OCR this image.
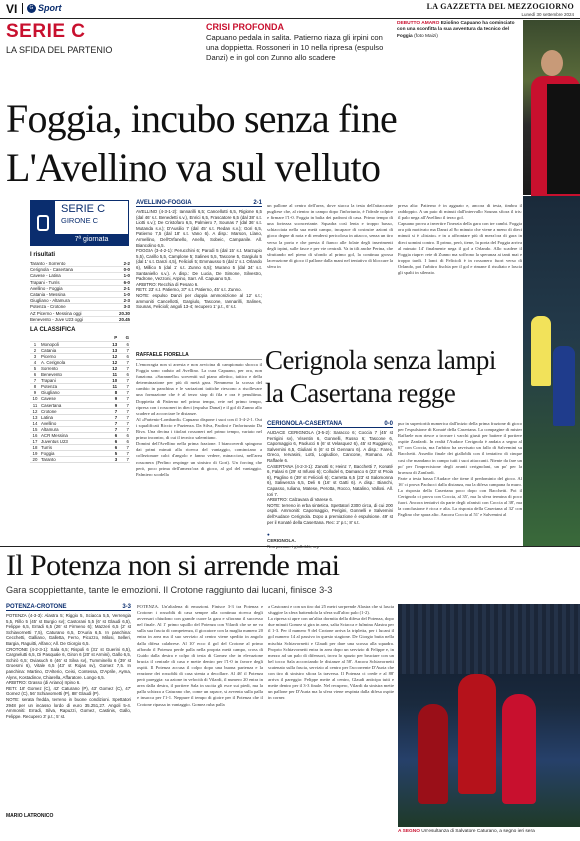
VI	G Sport	LA GAZZETTA DEL MEZZOGIORNO
Lunedì 30 settembre 2024
SERIE C
LA SFIDA DEL PARTENIO
CRISI PROFONDA
Capuano pedala in salita. Patierno riaza gli irpini con una doppietta. Rossoneri in 10 nella ripresa (espulso Danzi) e in gol con Zunno allo scadere
DEBUTTO AMARO Eziolino Capuano ha cominciato con una sconfitta la sua avventura da tecnico del Foggia (foto Maizi)
Foggia, incubo senza fine
L'Avellino va sul velluto
SERIE C
GIRONE C
7ª giornata
I risultati
Taranto - Sorrento	2-2
Cerignola - Casertana	0-0
Cavese - Latina	1-0
Trapani - Turris	6-0
Avellino - Foggia	2-1
Catania - Messina	1-0
Giugliano - Altamura	2-3
Potenza - Crotone	3-3
AZ Picerno - Messina oggi	20.30
Benevento - Juve U23 oggi	20.45
LA CLASSIFICA
		P	G
1	Monopoli	13	6
2	Catania	13	7
3	Picerno	12	6
4	A. Cerignola	12	7
5	Sorrento	12	7
6	Benevento	11	6
7	Trapani	10	7
8	Potenza	11	7
9	Giugliano	8	7
10	Cavese	9	7
11	Casertana	9	7
12	Crotone	7	7
13	Latina	7	7
14	Avellino	7	7
15	Altamura	7	7
16	ACR Messina	6	6
17	Juventus U23	6	6
18	Turris	6	7
19	Foggia	5	7
20	Taranto	3	7
AVELLINO-FOGGIA	2-1
AVELLINO (4-3-1-2): Iannarilli 6,5; Cancellotti 6,5, Rigione 6,5 (dal 46' s.t. Benedetti s.v.), Enrici 6,5, Frascatore 6,5 (dal 38' s.t. Liotti s.v.); De Cristofaro 6,5, Palmiero 7, Sounas 7 (dal 36' s.t. Mutanda s.v.); D'Ausilio 7 (dal 45' s.t. Redan s.v.); Gori 6,5, Patierno 7,5 (dal 18' s.t. Vano 6). A disp.: Marson, Llano, Armellino, Dell'Orfanello, Anello, Sobeic, Campanile. All. Biancolino 6,5.
FOGGIA (3-4-2-1): Perucchini 6; Parodi 5 (dal 15' s.t. Marzupio 5,5), Carillo 5,5, Camplone 5; Salines 5,5, Tascone 5, Gargiulo 5 (dal 1' s.t. Danzi 4,5), Felicioli 5; Emmausso 5 (dal 1' s.t. Orlando 6), Millico 5 (dal 1' s.t. Zunno 6,5); Murano 5 (dal 34' s.t. Santaniello s.v.). A disp.: De Lucia, De Simone, Silvestro, Padrone, Vezzoni, Arpino, Sarr. All. Capuano 5,5.
ARBITRO: Recchia di Pesaro 6.
RETI: 23' s.t. Patierno, 37' s.t. Patierno, 45' s.t. Zunno.
NOTE: espulso Danzi per doppia ammonizione al 12' s.t.; ammoniti Cancellotti, Gargiulo, Tascone, Iannarilli, Salines, Sounas, Felicioli; angoli 13-4; recupero 1' p.t., 6' s.t.
RAFFAELE FIORELLA
L'emorragia non si arresta e non avvicina di campionato sbocca il Foggia sono caduto ad Avellino. La cura Capuano, per ora, non funziona. «Sarannello» sorveniti sul piano atletico, tattico e della determinazione per più di metà gara. Nemmeno la scossa del cambio in panchina e le variazioni tattiche riescono a risollevare una formazione che è al terzo stop di fila e ora è penultima. Doppietta di Patierno nel primo tempo, rete nel primo tempo, ripresa con i rossoneri in dieci (espulso Danzi) e il gol di Zunno allo scadere ad accorciare le distanze.
Al «Partenio-Lombardi» Capuano dispone i suoi con il 3-4-2-1. Out i squalificati Riccio e Pazienza. Da Silva, Paolini e l'infortunato Da Riva. Una decina i titolari rossoneri nel primo tempo, variato nel primo incontro, di cui il tecnico salernitano.
Domini dell'Avellino nella prima frazione. I biancoverdi spingono dai primi minuti alla ricerca del vantaggio, cominciano a collezionare calci d'angolo e fanno vedere, minacciosi, nell'area rossonera (Perlino respinge un sinistro di Gori). Un forcing che però, poco prima dell'amezz'ora di gioco, al gol del vantaggio. Palmiero scodella
un pallone al centro dell'area, dove stacca la testa dell'attaccante pugliese che, al rientro in campo dopo l'infortunio, è l'ideale colpire e firmare l'1-0. Foggia in balia dei padroni di casa. Primo tempo di una fortezza sconcertante. Squadra così lenta e troppo basso, schiacciata nella sua metà campo, incapace di costruire azioni di gioco degne di nota e di rendersi pericolosa in attacco, senza un tiro verso la porta e che presta il fianco alle folate degli inserimenti degli irpini, sulle fasce e per vie centrali. Va in tilt anche Perina, che sfruttando nel pieno di sfondo al primo gol, la continua grossa lacerazione di gioco il pallone dalla mani nel tentativo di bloccare la sfera in
presa alta: Patierno è in agguato e, ancora di testa, timbra il raddoppio. A un paio di minuti dall'intervallo Sounas sfiora il tris: il palo nega all'Avellino il terzo gol.
Capuano prova a invertire l'inerzia della gara con tre cambi. Foggia ora più motivato ma Danzi al 8o minuto che viene a meno di dieci minuti si è «listato» e in a affrontare più di mezz'ora di gara in dieci uomini contro. Il primo, però, tiene, la porta del Foggia arriva al minuto 14' finalmente nega il gol a Orlando. Allo scadere il Foggia riapre: rete di Zunno ma soffrono la speranza ai tanti mai e troppo tardi. I lanci di Felicioli è in rossonero fuori verso di Orlando, poi l'arbitro fischia per il gol e rimane il risultato e lascia gli spalti in silenzio.
Cerignola senza lampi
la Casertana regge
CERIGNOLA-CASERTANA	0-0
AUDACE CERIGNOLA (3-5-2): Saracco 6; Coccia 7 (45' st Ferrigini sv), Visentin 6, Gonnelli, Russo 6; Tascone 6, Capomaggio 6, Paolucci 6 (6' st Velasquez 6), 45' st Ruggiero), Salvemini 6,5, Giuliani 6 (6' st Di Gennaro 6). A disp.: Fares, Greco, Iervasini, Lotti, Logiudice, Cancone, Romano. All. Raffaele 6.
CASERTANA (4-2-3-1): Zanotti 6; Heinz 7, Bacchetti 7, Konaté 6, Falasi 6 (29' st Infussi 6); Collodel 6, Damasco 6 (23' st Proia 6), Paglino 6 (39' st Felicioli 6); Carretta 6,5 (23' st Salomonna 6), Saliwenza 6,5, Deli 6 (16' st Gatti 6). A disp.: Bianchi, Capasso, Iuliano, Matese, Perotta, Rocco, Natalino, Vallosi. All. Iori 7.
ARBITRO: Calzavara di Varese 6.
NOTE: terreno in erba sintetica. Spettatori 2300 circa, di cui 200 ospiti. Ammoniti: Capomaggio, Perigini, Gonnelli e Salvemini dell'Audace Cerignola. Dopo a premiazione è espulsione. 49' st per il Konaté della Casertana. Rec: 2' p.t.; 8' s.t.

●
CERIGNOLA.

pur in superiorità numerica dall'inizio della prima frazione di gioco per l'espulsione di Konaté della Casertana. La compagine di mister Raffaele non riesce a trovare i varchi giusti per battere il portiere ospite Zanfardi. In realtà l'Audace Cerignola è andata a segno al 67' con Coccia, ma l'arbitro ha ravvisato un fallo di Salvemini su Bacchetti. Assedio finale dei gialloblù con il tentativo di cinque casi che mandano in campo tutti i suoi attaccanti. Niente da fare un po' per l'imprecisione degli avanti cerignolani, un po' per la bravura di Zanfardi.
Parte a testa bassa l'Audace che tiene il predominio del gioco. Al 16' ci prova Paolucci dalla distanza, ma la difesa campana fa muro. La risposta della Casertana poco dopo con Bacchetti. Poi il Cerignola ci prova con Coccia, al 35', ma la sfera termina di poco fuori. Ancora tentativi da parte degli ofanisti con Coccia al 38', ma la conclusione è ricca e alta. La risposta della Casertana al 32' con Paglino che spara alto. Ancora Coccia al 51' e Salvemini al
Il Potenza non si arrende mai
Gara scoppiettante, tante le emozioni. Il Crotone raggiunto dai lucani, finisce 3-3
POTENZA-CROTONE	3-3
POTENZA (4-3-3): Alastra 5; Riggio 5, Sciacca 5,5, Verrengia 5,5, Rillo 5 (45' st Burgio sv); Castorani 5,5 (6' st Glaudi 6,5), Felippe 6,5, Erradi 6,5 (26' st Firmeno 6); Mazzeri 6,5 (2' st Schiavornetti 7,5), Caturano 6,5, D'Auria 6,5. In panchina: Cecchetti, Galliano, Galletta, Ferro, Picozzo, Milosi, Selleri, Bargia, Raguitti, Alfano; All. De Giorgio 6,5.
CROTONE (4-2-3-1): Sala 6,5; Rispoli 6 (31' st Guerini 6,5), Cargnelutti 6,5, Di Pasquale 6, Giron 6 (20' st Armini), Gallo 6,5, Schirò 6,5; Oviasuch 6 (46' st Silva sv), Tumminello 6 (39' st Groesmi 6), Vitale 6,5 (43' st Rojas sv), Gomez 7,5. In panchina: Martino, D'Alterio, Ceisi, Contessa, D'Aprile, Ayma, Alyns, Kostadinov, Chiarella, Affaratore. Longo 6,5.
ARBITRO: Grasso (di Ariano) Irpino 6.
RETI: 18' Gomez (C), 42' Caturano (P), 43' Gomez (C), 47' Gomez (C), 56' Schiavornetti (P), 88' Glaudi (P).
NOTE: serata fredda, terreno in buone condizioni. Spettatori 2948 per un incasso lordo di euro 35.251,27. Angoli 5-4. Ammoniti: Erradi, Silva, Rapuzzi, Gomez, Castinis, Gallo, Felippe. Recupero 3' p.t.; 5' st.
MARIO LATRONICO
POTENZA. Un'altalena di emozioni. Finisce 3-3 tra Potenza e Crotone: i rossoblù di casa sempre alla continua ricerca degli avversari chiudono con grande cuore la gara e sfiorano il successo nel finale. Al 1' primo squillo del Potenza con Vilardi che se ne va sulla sua fascia di competenza, il giocatore con la maglia numero 20 entra in area ma il suo servizio al centro viene spedito in angolo dalla difesa calabrese. Al 10' ecco il gol del Crotone al primo affondo il Potenza perde palla nella propria metà campo, cross di Guido dalla destra e colpo di testa di Gomez che in elevazione brucia il centrale di casa e mette dentro per l'1-0 in favore degli ospiti. Il Potenza accusa il colpo dopo una buona partenza e la reazione dei rossoblù di casa stenta a decollare. Al 46' il Potenza però pareggia: su azione in velocità di Vilardi, il numero 20 entra in area dalla destra, il portiere Sala in uscita gli esce sui piedi, ma la palla schizza a Caturano che, come un rapace, si avventa sulla palla e insacca per l'1-1. Neppure il tempo di gioire per il Potenza che il Crotone ripassa in vantaggio. Gomez ruba palla
a Castorani e con un tiro dai 25 metri sorprende Alastra che si lascia sfuggire la sfera battendola la sfera sull'altro palo (1-2).
La ripresa si apre con un'altra dormita della difesa del Potenza, dopo due minuti Gomez si gira in area, salta Sciacca e fulmina Alastra per il 1-3. Per il numero 9 del Crotone arriva la tripletta, per i lucani il gol numero 14 al passivo in questo stagione. De Giorgio butta nella mischia Schiavornetti e Glaudi per dare una scossa alla squadra. Proprio Schiavornetti entra in area dopo un servizio di Felippe e, in mezzo ad un palo di difensori, trova lo spazio per bruciare con un bel tocco Sala accorciando le distanze al 58'. Ancora Schiavornetti scatenato sulla fascia, servizio al centro per l'accorrente D'Auria che con tiro di sinistro sfiora la traversa. Il Potenza ci crede e al 88' arriva il pareggio: Felippe mette al centro, Glaudi anticipa tutti e mette dentro per il 3-3 finale. Nel recupero, Vilardi da sinistra mette un pallone per D'Auria ma la sfera viene respinta dalla difesa ospite in corner.
A SEGNO Un'esultanza di Salvatore Caturano, a segno ieri sera
